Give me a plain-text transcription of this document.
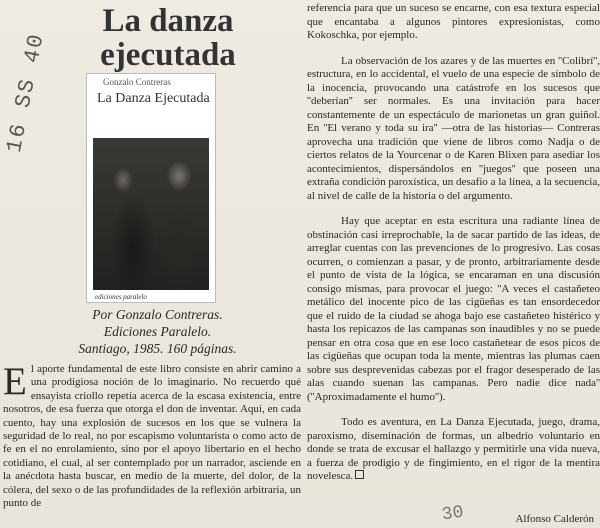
La danza
ejecutada
16 SS 40	Gonzalo Contreras
La Danza Ejecutada
ediciones paralelo
Por Gonzalo Contreras.
Ediciones Paralelo.
Santiago, 1985. 160 páginas.
E l aporte fundamental de este libro consiste en abrir camino a una prodigiosa noción de lo imaginario. No recuerdo qué ensayista criollo repetía acerca de la escasa existencia, entre nosotros, de esa fuerza que otorga el don de inventar. Aquí, en cada cuento, hay una explosión de sucesos en los que se vulnera la seguridad de lo real, no por escapismo voluntarista o como acto de fe en el no enrolamiento, sino por el apoyo libertario en el hecho cotidiano, el cual, al ser contemplado por un narrador, asciende en la anécdota hasta buscar, en medio de la muerte, del dolor, de la cólera, del sexo o de las profundidades de la reflexión arbitraria, un punto de

referencia para que un suceso se encarne, con esa textura especial que encantaba a algunos pintores expresionistas, como Kokoschka, por ejemplo.

La observación de los azares y de las muertes en ''Colibrí'', estructura, en lo accidental, el vuelo de una especie de símbolo de la inocencia, provocando una catástrofe en los sucesos que ''deberían'' ser normales. Es una invitación para hacer constantemente de un espectáculo de marionetas un gran guiñol. En ''El verano y toda su ira'' —otra de las historias— Contreras aprovecha una tradición que viene de libros como Nadja o de ciertos relatos de la Yourcenar o de Karen Blixen para asediar los acontecimientos, dispersándolos en ''juegos'' que poseen una extraña condición paroxística, un desafío a la línea, a la secuencia, al nivel de calle de la historia o del argumento.

Hay que aceptar en esta escritura una radiante línea de obstinación casi irreprochable, la de sacar partido de las ideas, de arreglar cuentas con las prevenciones de lo progresivo. Las cosas ocurren, o comienzan a pasar, y de pronto, arbitrariamente desde el punto de vista de la lógica, se encaraman en una discusión consigo mismas, para provocar el juego: ''A veces el castañeteo metálico del inocente pico de las cigüeñas es tan ensordecedor que el ruido de la ciudad se ahoga bajo ese castañeteo histérico y hasta los repicazos de las campanas son inaudibles y no se puede pensar en otra cosa que en ese loco castañetear de esos picos de las cigüeñas que ocupan toda la mente, mientras las plumas caen sobre sus desprevenidas cabezas por el fragor desesperado de las alas cuando suenan las campanas. Pero nadie dice nada'' (''Aproximadamente el humo'').

Todo es aventura, en La Danza Ejecutada, juego, drama, paroxismo, diseminación de formas, un albedrío voluntario en donde se trata de excusar el hallazgo y permitirle una vida nueva, a fuerza de prodigio y de fingimiento, en el rigor de la mentira novelesca.

30	Alfonso Calderón
